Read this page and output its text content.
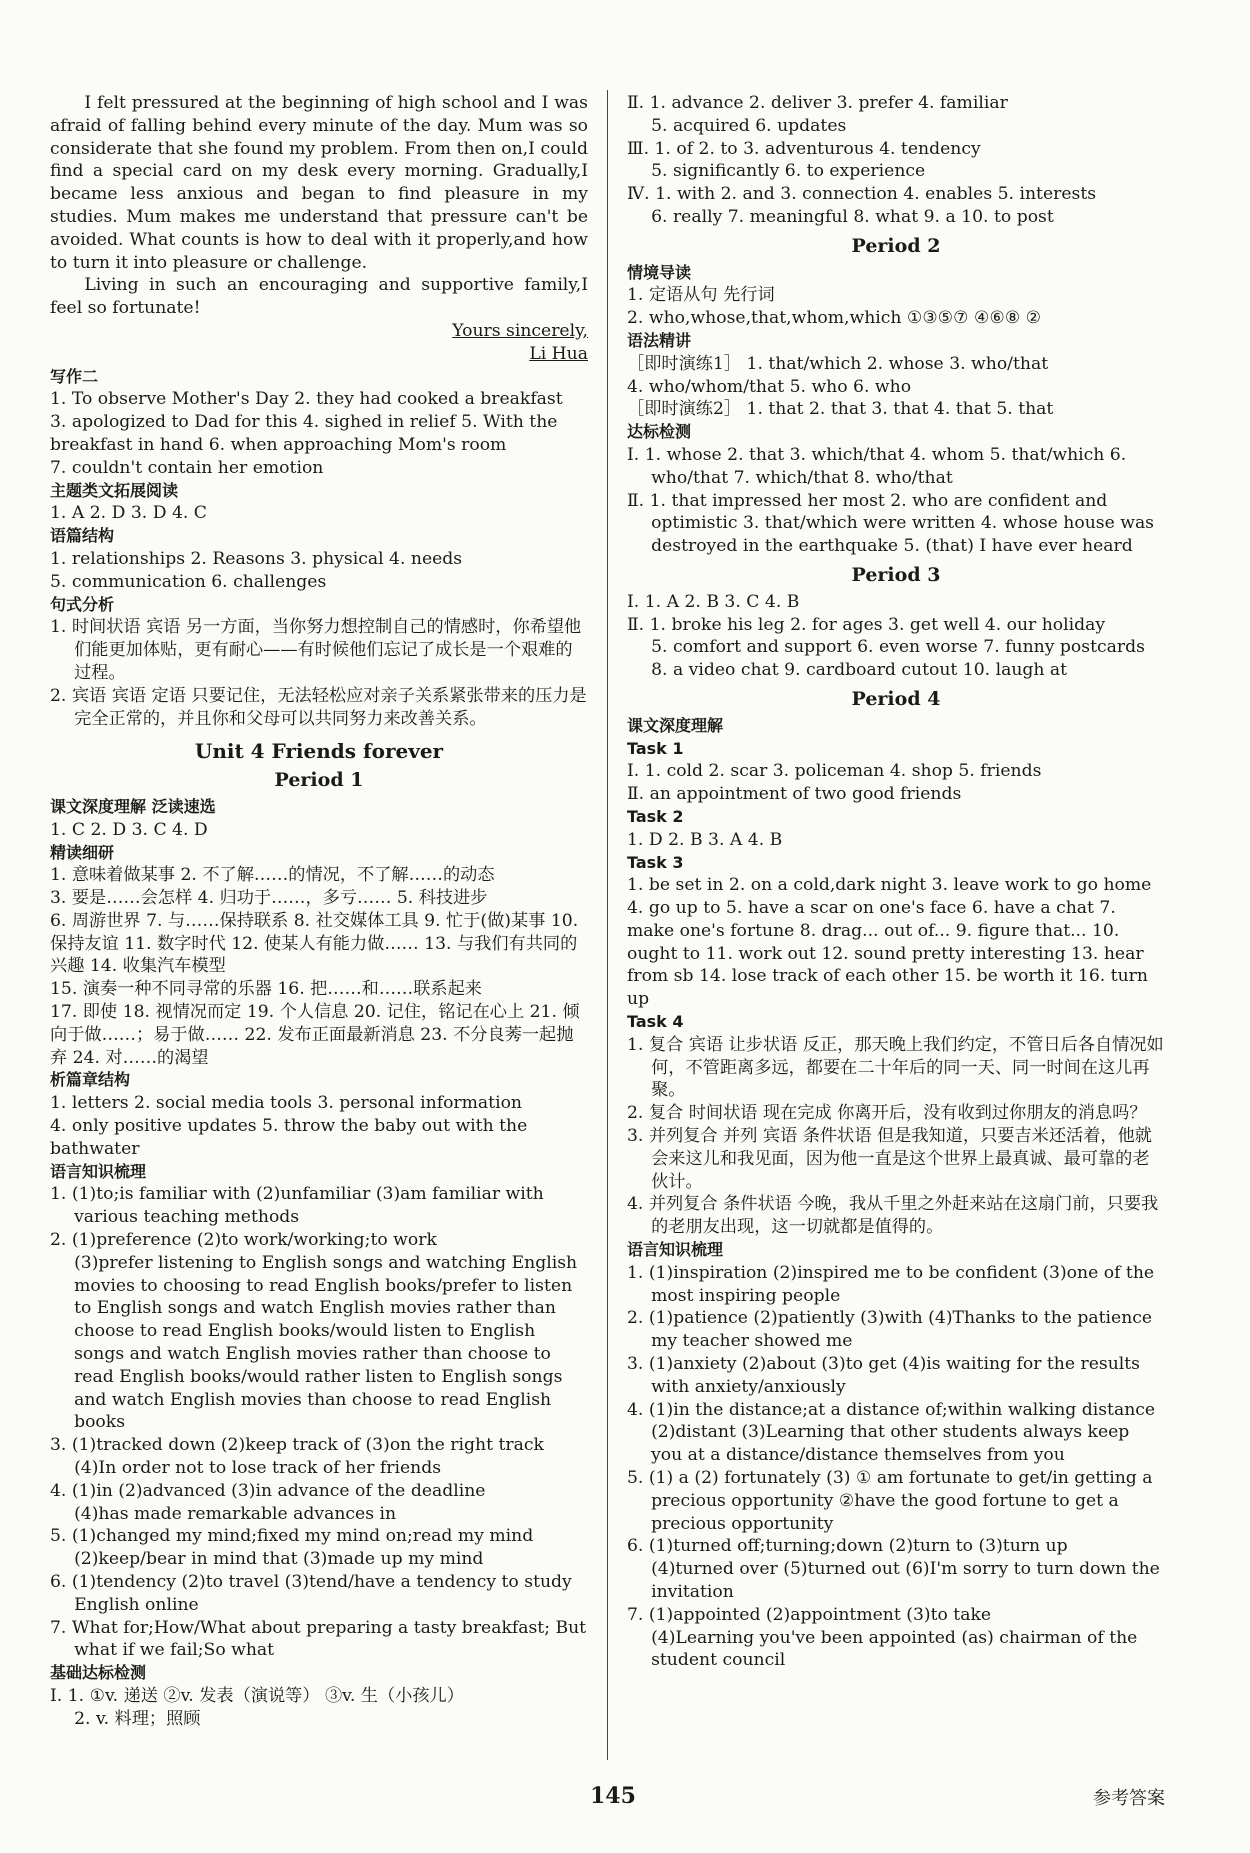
I felt pressured at the beginning of high school and I was afraid of falling behind every minute of the day. Mum was so considerate that she found my problem. From then on,I could find a special card on my desk every morning. Gradually,I became less anxious and began to find pleasure in my studies. Mum makes me understand that pressure can't be avoided. What counts is how to deal with it properly,and how to turn it into pleasure or challenge.

Living in such an encouraging and supportive family,I feel so fortunate!

Yours sincerely,

Li Hua

写作二

1. To observe Mother's Day 2. they had cooked a breakfast

3. apologized to Dad for this 4. sighed in relief 5. With the breakfast in hand 6. when approaching Mom's room

7. couldn't contain her emotion

主题类文拓展阅读

1. A 2. D 3. D 4. C

语篇结构

1. relationships 2. Reasons 3. physical 4. needs

5. communication 6. challenges

句式分析

1. 时间状语 宾语 另一方面，当你努力想控制自己的情感时，你希望他们能更加体贴，更有耐心——有时候他们忘记了成长是一个艰难的过程。

2. 宾语 宾语 定语 只要记住，无法轻松应对亲子关系紧张带来的压力是完全正常的，并且你和父母可以共同努力来改善关系。

Unit 4 Friends forever

Period 1

课文深度理解 泛读速选

1. C 2. D 3. C 4. D

精读细研

1. 意味着做某事 2. 不了解……的情况，不了解……的动态

3. 要是……会怎样 4. 归功于……，多亏…… 5. 科技进步

6. 周游世界 7. 与……保持联系 8. 社交媒体工具 9. 忙于(做)某事 10. 保持友谊 11. 数字时代 12. 使某人有能力做…… 13. 与我们有共同的兴趣 14. 收集汽车模型

15. 演奏一种不同寻常的乐器 16. 把……和……联系起来

17. 即使 18. 视情况而定 19. 个人信息 20. 记住，铭记在心上 21. 倾向于做……；易于做…… 22. 发布正面最新消息 23. 不分良莠一起抛弃 24. 对……的渴望

析篇章结构

1. letters 2. social media tools 3. personal information

4. only positive updates 5. throw the baby out with the bathwater

语言知识梳理

1. (1)to;is familiar with (2)unfamiliar (3)am familiar with various teaching methods

2. (1)preference (2)to work/working;to work

(3)prefer listening to English songs and watching English movies to choosing to read English books/prefer to listen to English songs and watch English movies rather than choose to read English books/would listen to English songs and watch English movies rather than choose to read English books/would rather listen to English songs and watch English movies than choose to read English books

3. (1)tracked down (2)keep track of (3)on the right track (4)In order not to lose track of her friends

4. (1)in (2)advanced (3)in advance of the deadline

(4)has made remarkable advances in

5. (1)changed my mind;fixed my mind on;read my mind

(2)keep/bear in mind that (3)made up my mind

6. (1)tendency (2)to travel (3)tend/have a tendency to study English online

7. What for;How/What about preparing a tasty breakfast; But what if we fail;So what

基础达标检测

Ⅰ. 1. ①v. 递送 ②v. 发表（演说等） ③v. 生（小孩儿）

2. v. 料理；照顾

Ⅱ. 1. advance 2. deliver 3. prefer 4. familiar

5. acquired 6. updates

Ⅲ. 1. of 2. to 3. adventurous 4. tendency

5. significantly 6. to experience

Ⅳ. 1. with 2. and 3. connection 4. enables 5. interests

6. really 7. meaningful 8. what 9. a 10. to post

Period 2

情境导读

1. 定语从句 先行词

2. who,whose,that,whom,which ①③⑤⑦ ④⑥⑧ ②

语法精讲

［即时演练1］ 1. that/which 2. whose 3. who/that

4. who/whom/that 5. who 6. who

［即时演练2］ 1. that 2. that 3. that 4. that 5. that

达标检测

Ⅰ. 1. whose 2. that 3. which/that 4. whom 5. that/which 6. who/that 7. which/that 8. who/that

Ⅱ. 1. that impressed her most 2. who are confident and optimistic 3. that/which were written 4. whose house was destroyed in the earthquake 5. (that) I have ever heard

Period 3

Ⅰ. 1. A 2. B 3. C 4. B

Ⅱ. 1. broke his leg 2. for ages 3. get well 4. our holiday

5. comfort and support 6. even worse 7. funny postcards

8. a video chat 9. cardboard cutout 10. laugh at

Period 4

课文深度理解

Task 1

Ⅰ. 1. cold 2. scar 3. policeman 4. shop 5. friends

Ⅱ. an appointment of two good friends

Task 2

1. D 2. B 3. A 4. B

Task 3

1. be set in 2. on a cold,dark night 3. leave work to go home 4. go up to 5. have a scar on one's face 6. have a chat 7. make one's fortune 8. drag... out of... 9. figure that... 10. ought to 11. work out 12. sound pretty interesting 13. hear from sb 14. lose track of each other 15. be worth it 16. turn up

Task 4

1. 复合 宾语 让步状语 反正，那天晚上我们约定，不管日后各自情况如何，不管距离多远，都要在二十年后的同一天、同一时间在这儿再聚。

2. 复合 时间状语 现在完成 你离开后，没有收到过你朋友的消息吗？

3. 并列复合 并列 宾语 条件状语 但是我知道，只要吉米还活着，他就会来这儿和我见面，因为他一直是这个世界上最真诚、最可靠的老伙计。

4. 并列复合 条件状语 今晚，我从千里之外赶来站在这扇门前，只要我的老朋友出现，这一切就都是值得的。

语言知识梳理

1. (1)inspiration (2)inspired me to be confident (3)one of the most inspiring people

2. (1)patience (2)patiently (3)with (4)Thanks to the patience my teacher showed me

3. (1)anxiety (2)about (3)to get (4)is waiting for the results with anxiety/anxiously

4. (1)in the distance;at a distance of;within walking distance

(2)distant (3)Learning that other students always keep you at a distance/distance themselves from you

5. (1) a (2) fortunately (3) ① am fortunate to get/in getting a precious opportunity ②have the good fortune to get a precious opportunity

6. (1)turned off;turning;down (2)turn to (3)turn up

(4)turned over (5)turned out (6)I'm sorry to turn down the invitation

7. (1)appointed (2)appointment (3)to take

(4)Learning you've been appointed (as) chairman of the student council

145	参考答案
